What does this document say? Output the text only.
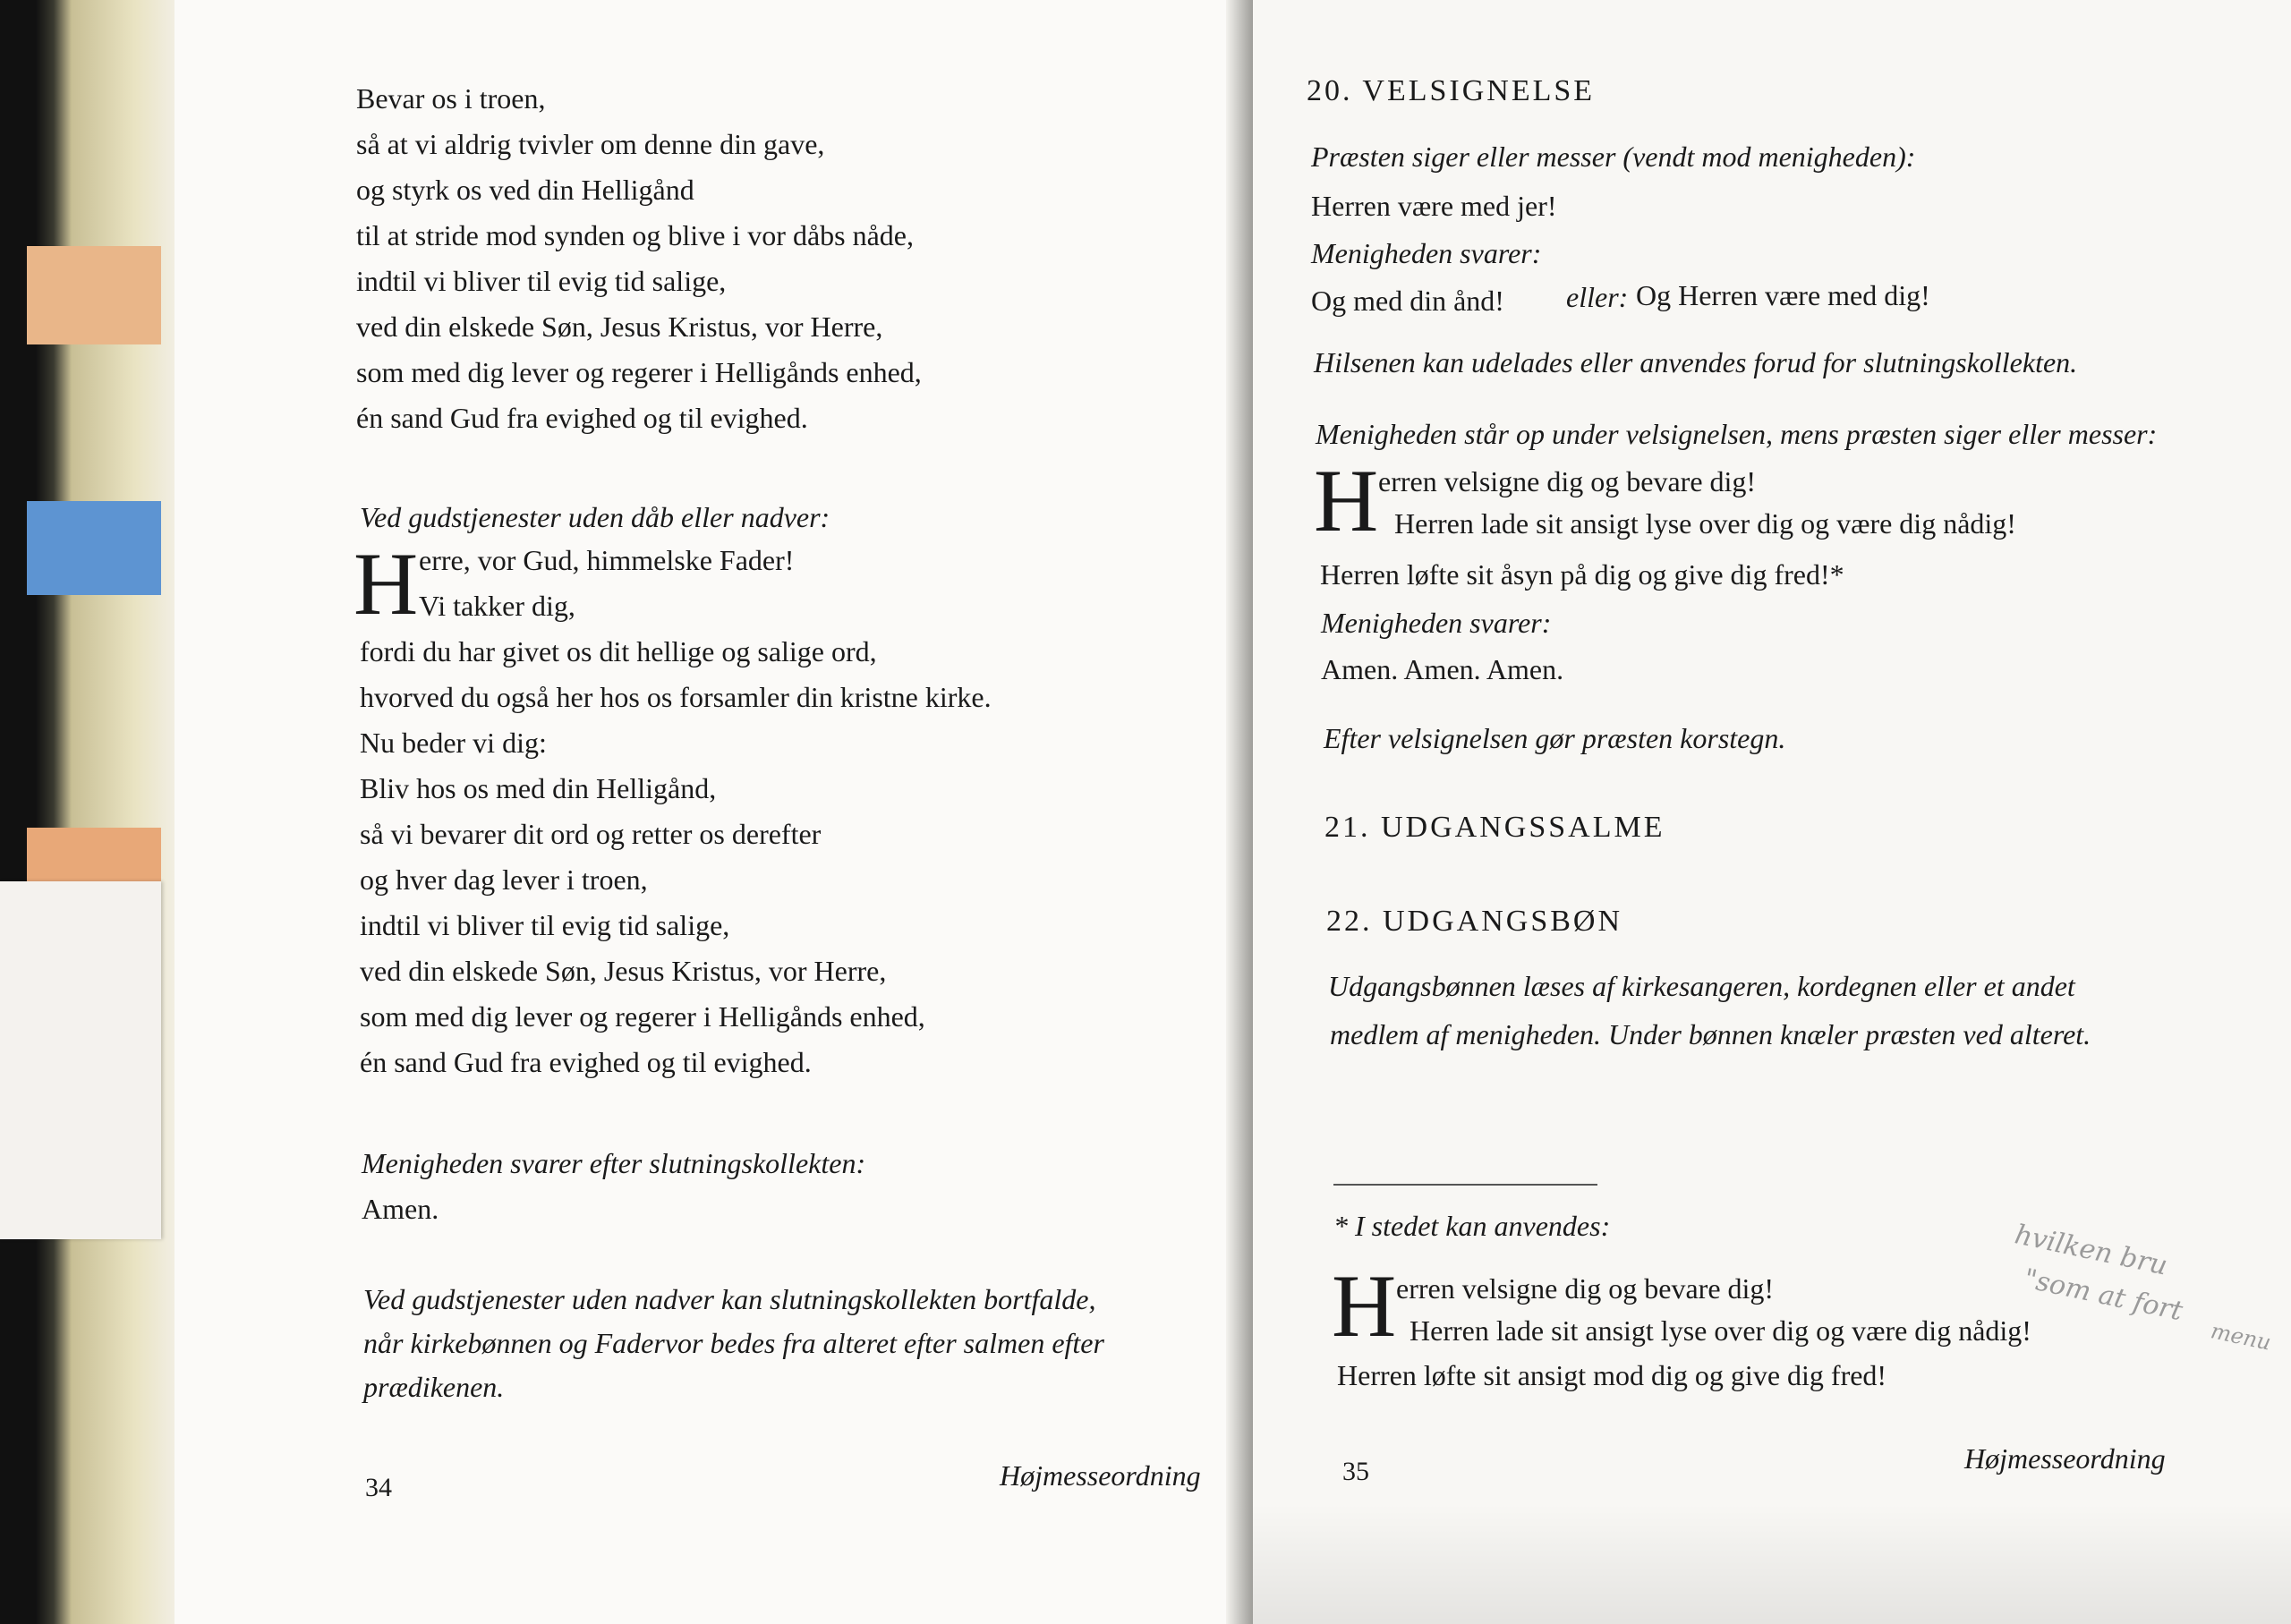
Bevar os i troen,
så at vi aldrig tvivler om denne din gave,
og styrk os ved din Helligånd
til at stride mod synden og blive i vor dåbs nåde,
indtil vi bliver til evig tid salige,
ved din elskede Søn, Jesus Kristus, vor Herre,
som med dig lever og regerer i Helligånds enhed,
én sand Gud fra evighed og til evighed.
Ved gudstjenester uden dåb eller nadver:
H erre, vor Gud, himmelske Fader!
Vi takker dig,
fordi du har givet os dit hellige og salige ord,
hvorved du også her hos os forsamler din kristne kirke.
Nu beder vi dig:
Bliv hos os med din Helligånd,
så vi bevarer dit ord og retter os derefter
og hver dag lever i troen,
indtil vi bliver til evig tid salige,
ved din elskede Søn, Jesus Kristus, vor Herre,
som med dig lever og regerer i Helligånds enhed,
én sand Gud fra evighed og til evighed.
Menigheden svarer efter slutningskollekten:
Amen.
Ved gudstjenester uden nadver kan slutningskollekten bortfalde,
når kirkebønnen og Fadervor bedes fra alteret efter salmen efter
prædikenen.
34	Højmesseordning
20. VELSIGNELSE
Præsten siger eller messer (vendt mod menigheden):
Herren være med jer!
Menigheden svarer:
Og med din ånd! eller: Og Herren være med dig!
Hilsenen kan udelades eller anvendes forud for slutningskollekten.
Menigheden står op under velsignelsen, mens præsten siger eller messer:
H erren velsigne dig og bevare dig!
Herren lade sit ansigt lyse over dig og være dig nådig!
Herren løfte sit åsyn på dig og give dig fred!*
Menigheden svarer:
Amen. Amen. Amen.
Efter velsignelsen gør præsten korstegn.
21. UDGANGSSALME
22. UDGANGSBØN
Udgangsbønnen læses af kirkesangeren, kordegnen eller et andet
medlem af menigheden. Under bønnen knæler præsten ved alteret.
* I stedet kan anvendes:
H erren velsigne dig og bevare dig!
Herren lade sit ansigt lyse over dig og være dig nådig!
Herren løfte sit ansigt mod dig og give dig fred!
hvilken bru
"som at fort
menu
35	Højmesseordning
